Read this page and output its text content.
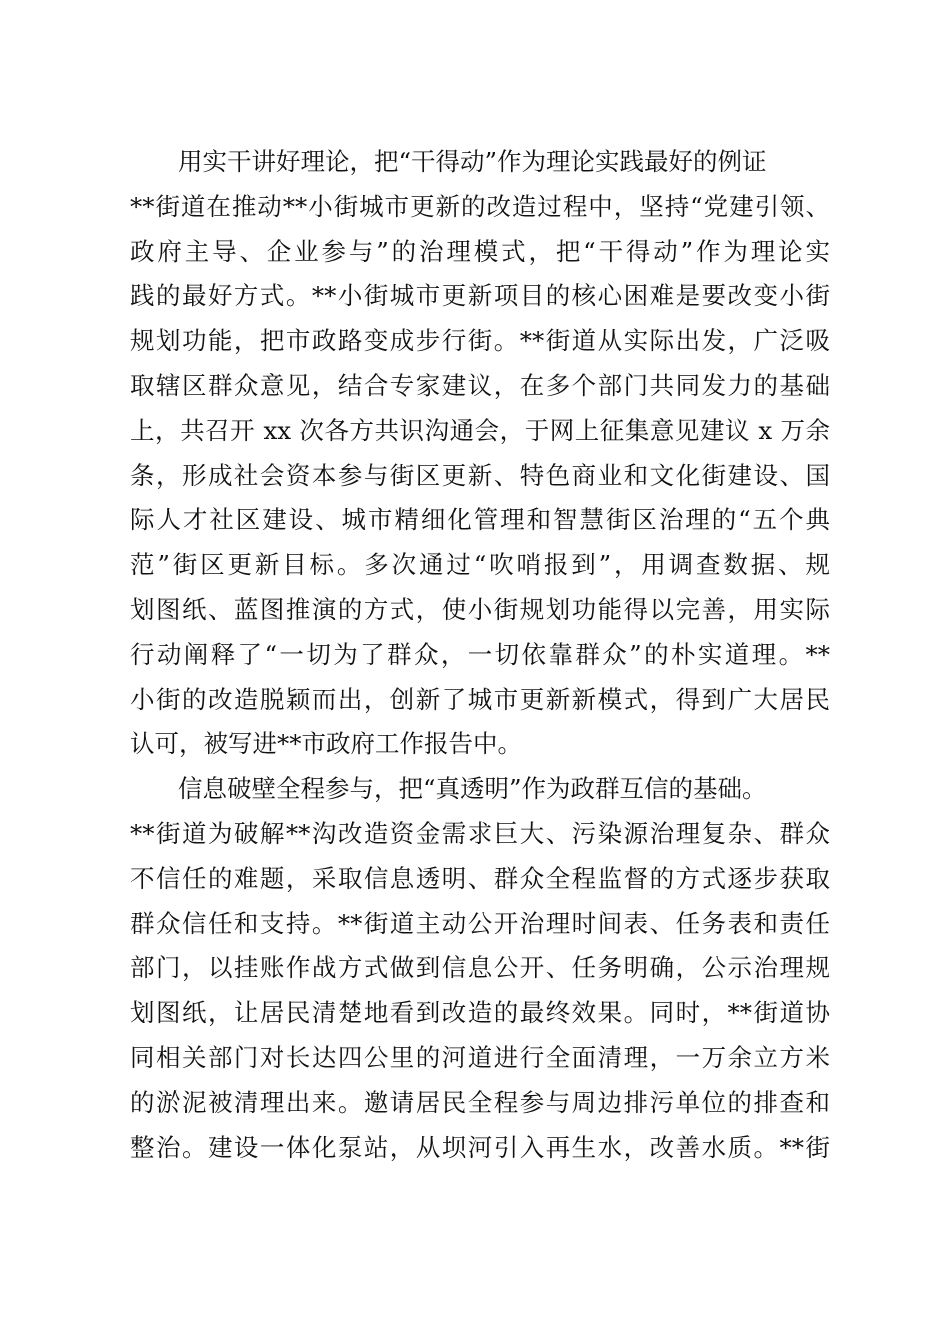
用实干讲好理论，把“干得动”作为理论实践最好的例证
**街道在推动**小街城市更新的改造过程中，坚持“党建引领、
政府主导、企业参与”的治理模式，把“干得动”作为理论实
践的最好方式。**小街城市更新项目的核心困难是要改变小街
规划功能，把市政路变成步行街。**街道从实际出发，广泛吸
取辖区群众意见，结合专家建议，在多个部门共同发力的基础
上，共召开 xx 次各方共识沟通会，于网上征集意见建议 x 万余
条，形成社会资本参与街区更新、特色商业和文化街建设、国
际人才社区建设、城市精细化管理和智慧街区治理的“五个典
范”街区更新目标。多次通过“吹哨报到”，用调查数据、规
划图纸、蓝图推演的方式，使小街规划功能得以完善，用实际
行动阐释了“一切为了群众，一切依靠群众”的朴实道理。**
小街的改造脱颖而出，创新了城市更新新模式，得到广大居民
认可，被写进**市政府工作报告中。
信息破壁全程参与，把“真透明”作为政群互信的基础。
**街道为破解**沟改造资金需求巨大、污染源治理复杂、群众
不信任的难题，采取信息透明、群众全程监督的方式逐步获取
群众信任和支持。**街道主动公开治理时间表、任务表和责任
部门，以挂账作战方式做到信息公开、任务明确，公示治理规
划图纸，让居民清楚地看到改造的最终效果。同时，**街道协
同相关部门对长达四公里的河道进行全面清理，一万余立方米
的淤泥被清理出来。邀请居民全程参与周边排污单位的排查和
整治。建设一体化泵站，从坝河引入再生水，改善水质。**街
